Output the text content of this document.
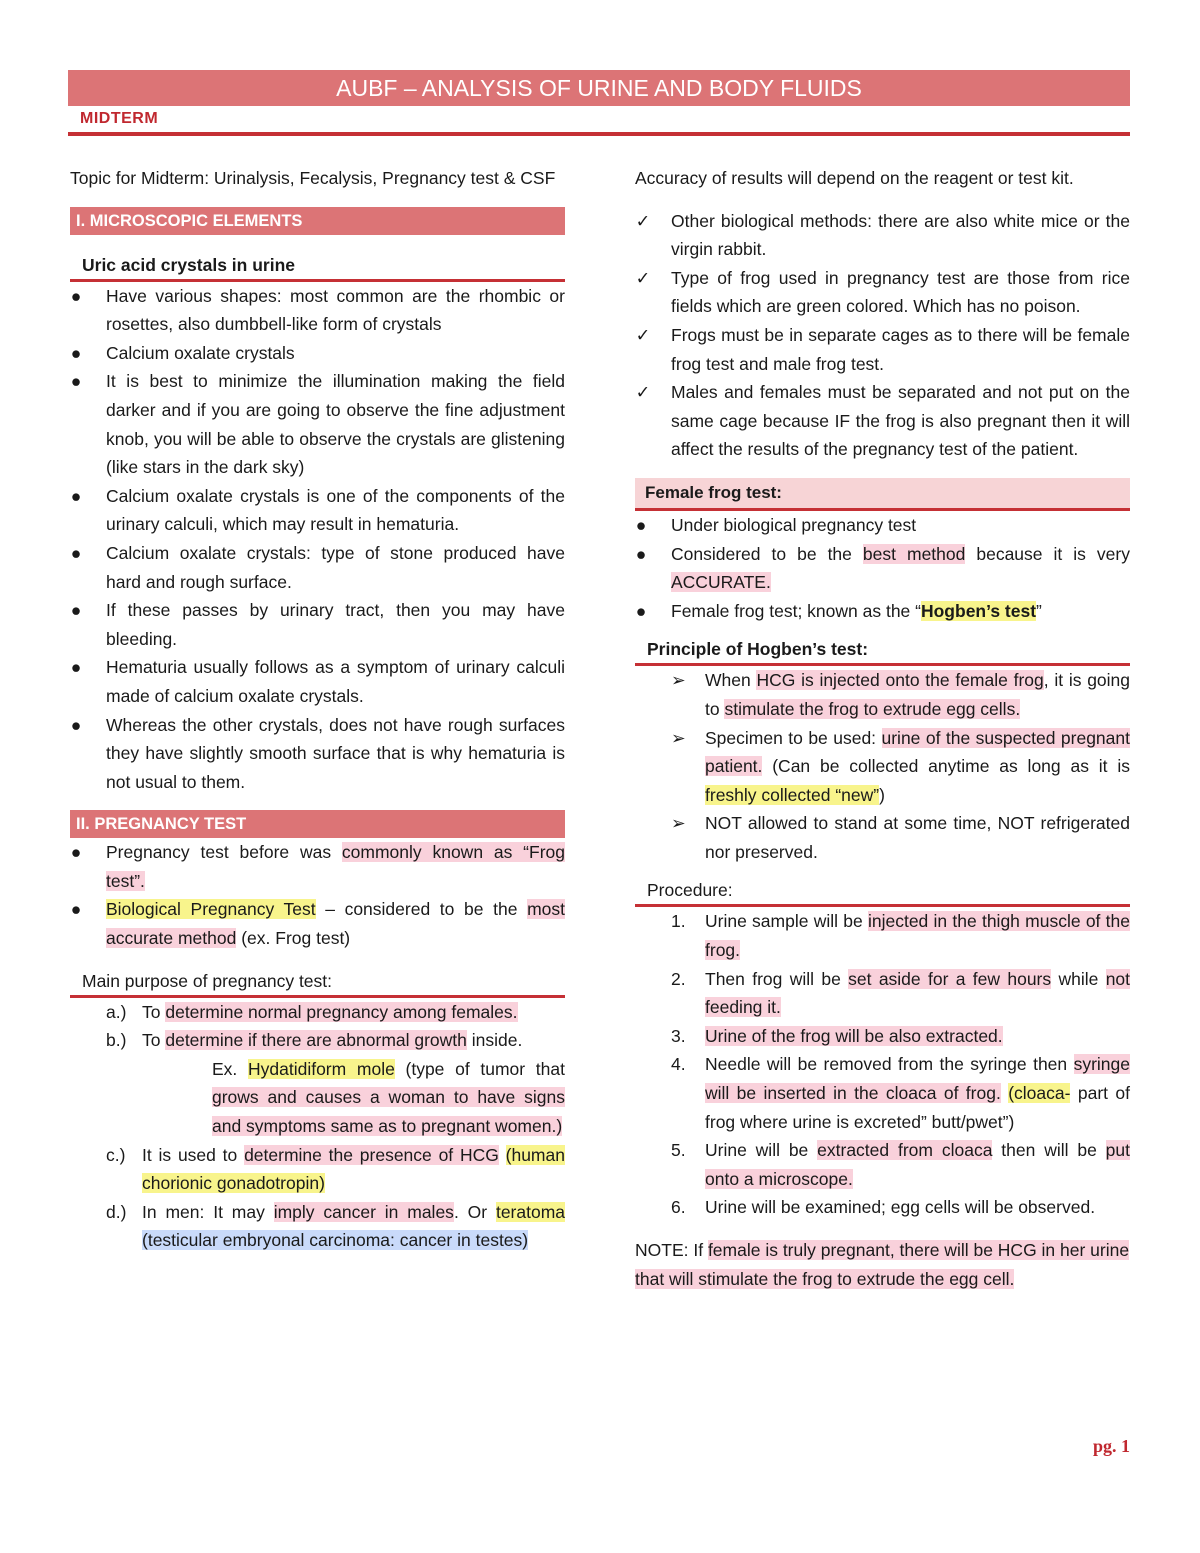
AUBF – ANALYSIS OF URINE AND BODY FLUIDS
MIDTERM

Topic for Midterm: Urinalysis, Fecalysis, Pregnancy test & CSF

I. MICROSCOPIC ELEMENTS
Uric acid crystals in urine
● Have various shapes: most common are the rhombic or rosettes, also dumbbell-like form of crystals
● Calcium oxalate crystals
● It is best to minimize the illumination making the field darker and if you are going to observe the fine adjustment knob, you will be able to observe the crystals are glistening (like stars in the dark sky)
● Calcium oxalate crystals is one of the components of the urinary calculi, which may result in hematuria.
● Calcium oxalate crystals: type of stone produced have hard and rough surface.
● If these passes by urinary tract, then you may have bleeding.
● Hematuria usually follows as a symptom of urinary calculi made of calcium oxalate crystals.
● Whereas the other crystals, does not have rough surfaces they have slightly smooth surface that is why hematuria is not usual to them.
II. PREGNANCY TEST
● Pregnancy test before was commonly known as “Frog test”.
● Biological Pregnancy Test – considered to be the most accurate method (ex. Frog test)
Main purpose of pregnancy test:
a.) To determine normal pregnancy among females.
b.) To determine if there are abnormal growth inside.

Ex. Hydatidiform mole (type of tumor that grows and causes a woman to have signs and symptoms same as to pregnant women.)

c.) It is used to determine the presence of HCG (human chorionic gonadotropin)
d.) In men: It may imply cancer in males. Or teratoma (testicular embryonal carcinoma: cancer in testes)

Accuracy of results will depend on the reagent or test kit.

✓ Other biological methods: there are also white mice or the virgin rabbit.
✓ Type of frog used in pregnancy test are those from rice fields which are green colored. Which has no poison.
✓ Frogs must be in separate cages as to there will be female frog test and male frog test.
✓ Males and females must be separated and not put on the same cage because IF the frog is also pregnant then it will affect the results of the pregnancy test of the patient.
Female frog test:
● Under biological pregnancy test
● Considered to be the best method because it is very ACCURATE.
● Female frog test; known as the “Hogben’s test”
Principle of Hogben’s test:
➢ When HCG is injected onto the female frog, it is going to stimulate the frog to extrude egg cells.
➢ Specimen to be used: urine of the suspected pregnant patient. (Can be collected anytime as long as it is freshly collected “new”)
➢ NOT allowed to stand at some time, NOT refrigerated nor preserved.
Procedure:
1. Urine sample will be injected in the thigh muscle of the frog.
2. Then frog will be set aside for a few hours while not feeding it.
3. Urine of the frog will be also extracted.
4. Needle will be removed from the syringe then syringe will be inserted in the cloaca of frog. (cloaca- part of frog where urine is excreted” butt/pwet”)
5. Urine will be extracted from cloaca then will be put onto a microscope.
6. Urine will be examined; egg cells will be observed.

NOTE: If female is truly pregnant, there will be HCG in her urine that will stimulate the frog to extrude the egg cell.

pg. 1
